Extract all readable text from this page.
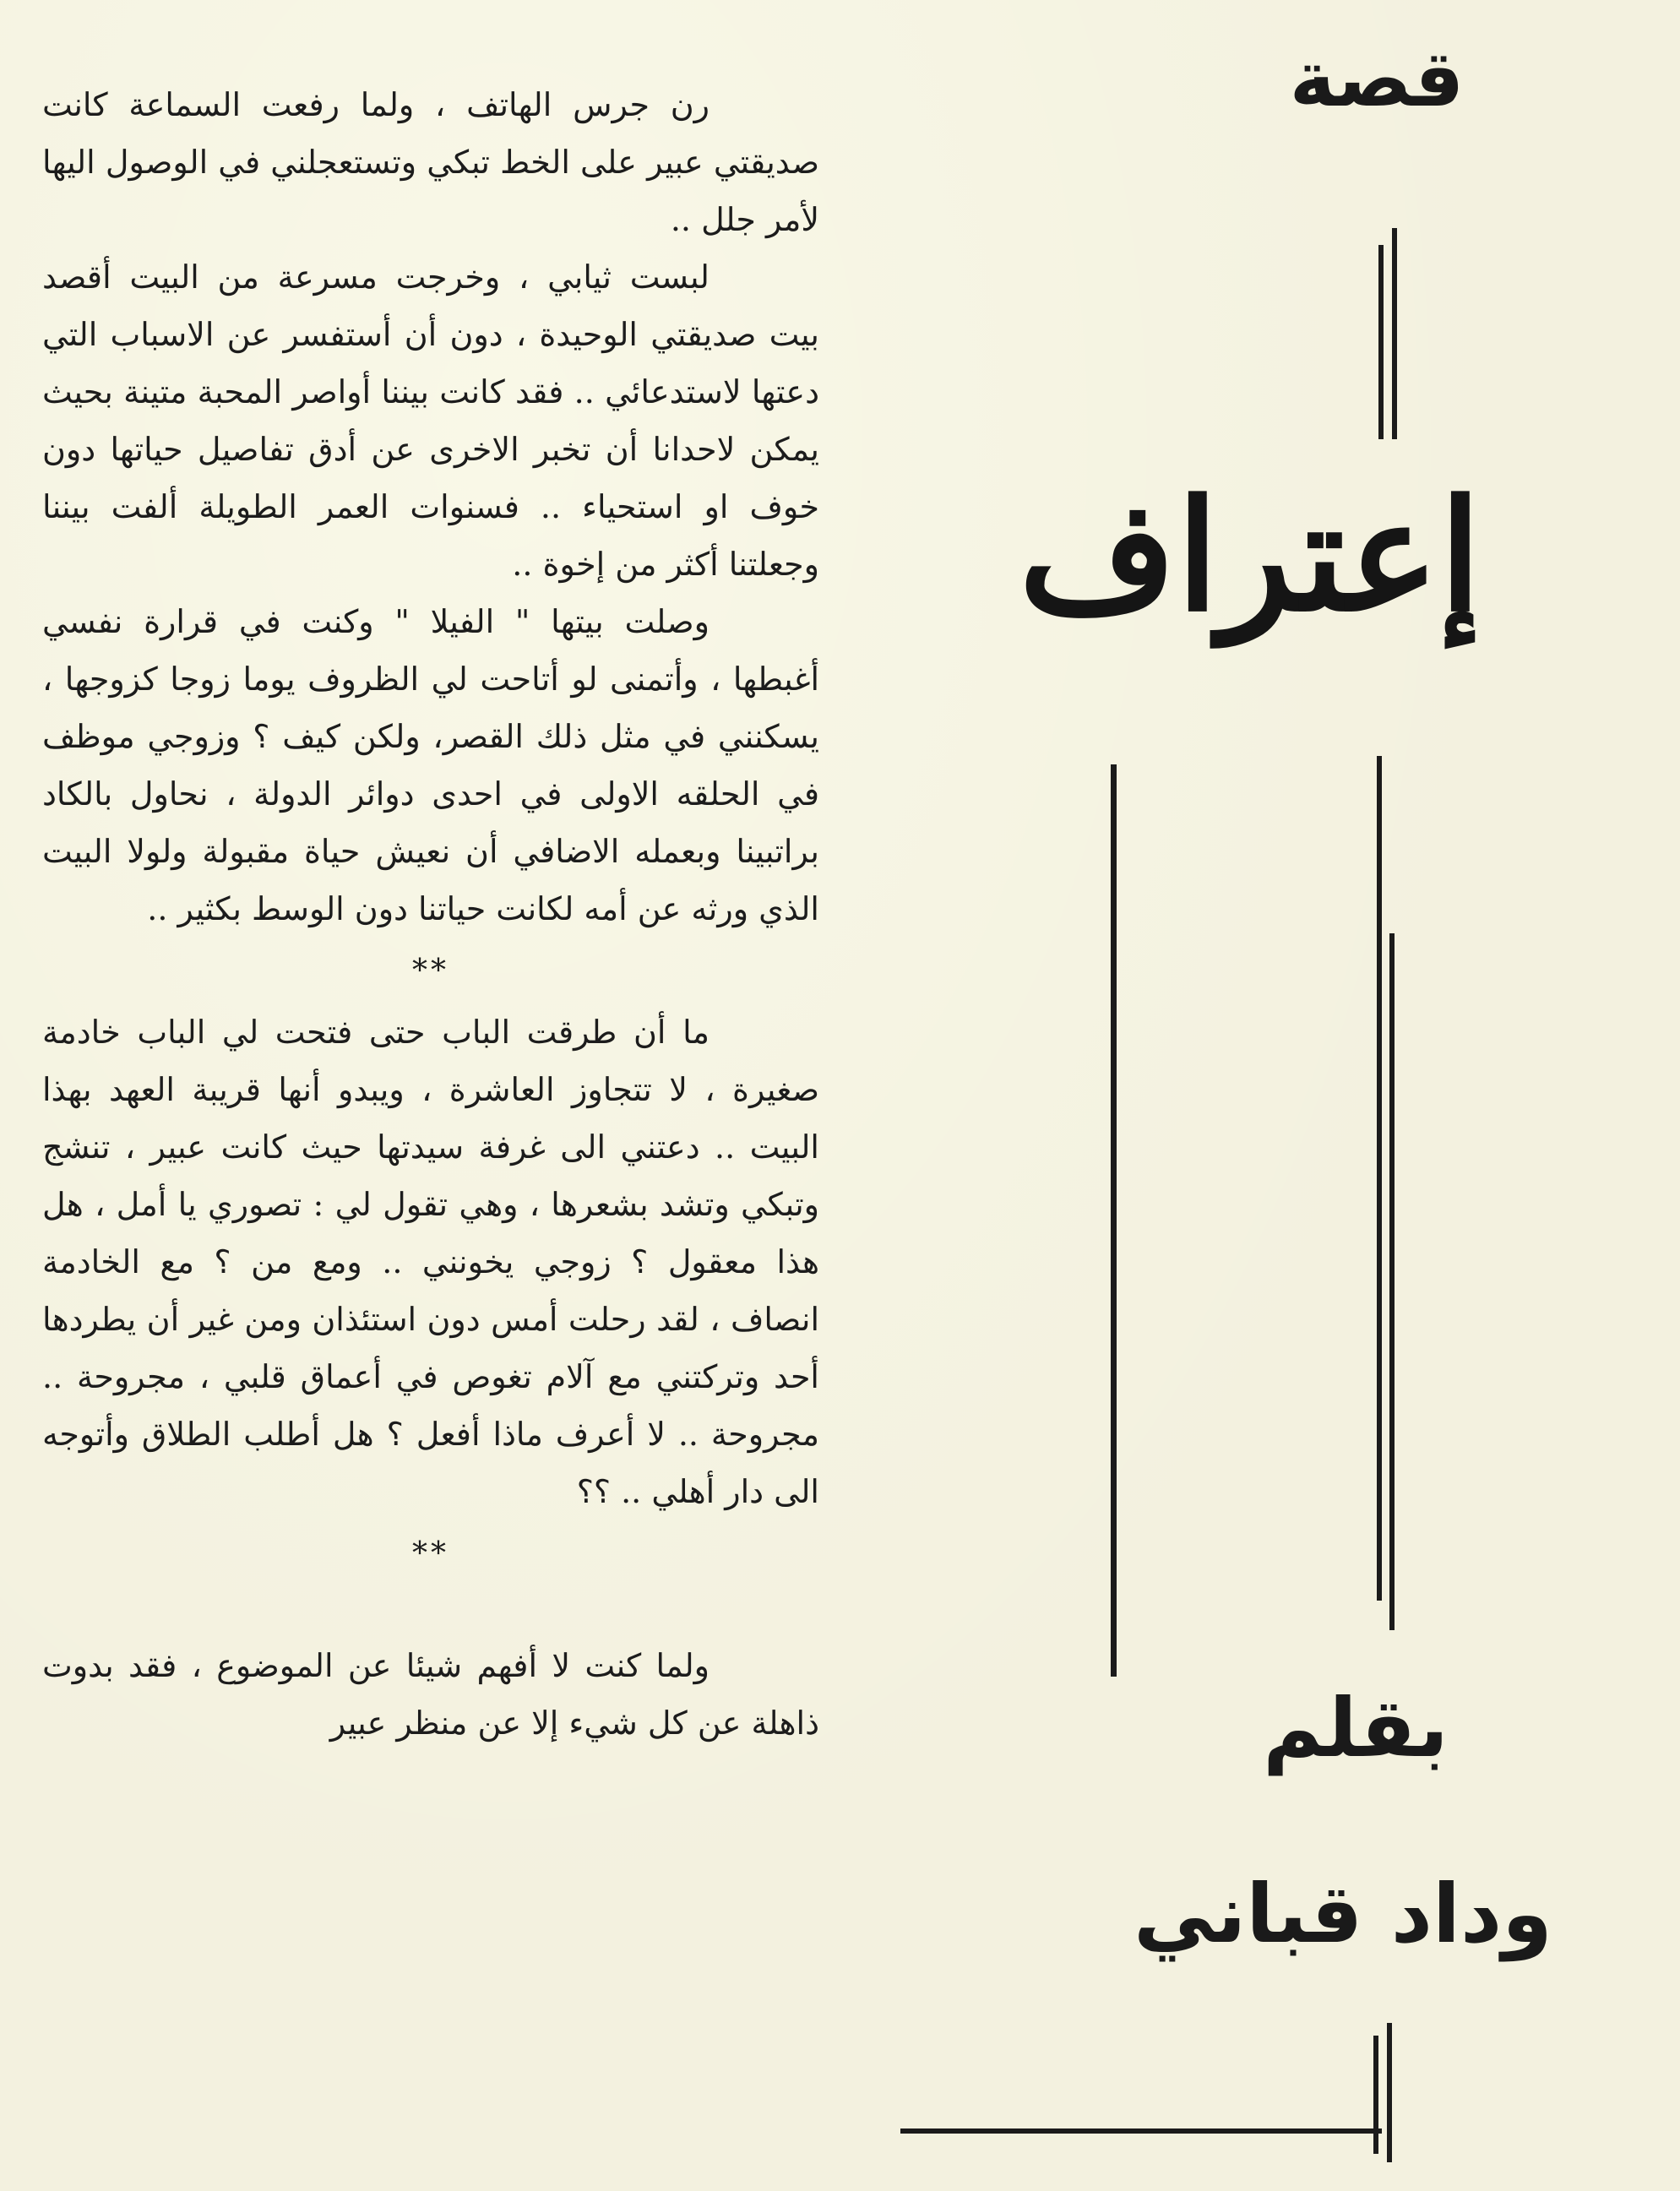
رن جرس الهاتف ، ولما رفعت السماعة كانت صديقتي عبير على الخط تبكي وتستعجلني في الوصول اليها لأمر جلل ..

لبست ثيابي ، وخرجت مسرعة من البيت أقصد بيت صديقتي الوحيدة ، دون أن أستفسر عن الاسباب التي دعتها لاستدعائي .. فقد كانت بيننا أواصر المحبة متينة بحيث يمكن لاحدانا أن تخبر الاخرى عن أدق تفاصيل حياتها دون خوف او استحياء .. فسنوات العمر الطويلة ألفت بيننا وجعلتنا أكثر من إخوة ..

وصلت بيتها " الفيلا " وكنت في قرارة نفسي أغبطها ، وأتمنى لو أتاحت لي الظروف يوما زوجا كزوجها ، يسكنني في مثل ذلك القصر، ولكن كيف ؟ وزوجي موظف في الحلقه الاولى في احدى دوائر الدولة ، نحاول بالكاد براتبينا وبعمله الاضافي أن نعيش حياة مقبولة ولولا البيت الذي ورثه عن أمه لكانت حياتنا دون الوسط بكثير ..

**

ما أن طرقت الباب حتى فتحت لي الباب خادمة صغيرة ، لا تتجاوز العاشرة ، ويبدو أنها قريبة العهد بهذا البيت .. دعتني الى غرفة سيدتها حيث كانت عبير ، تنشج وتبكي وتشد بشعرها ، وهي تقول لي : تصوري يا أمل ، هل هذا معقول ؟ زوجي يخونني .. ومع من ؟ مع الخادمة انصاف ، لقد رحلت أمس دون استئذان ومن غير أن يطردها أحد وتركتني مع آلام تغوص في أعماق قلبي ، مجروحة .. مجروحة .. لا أعرف ماذا أفعل ؟ هل أطلب الطلاق وأتوجه الى دار أهلي .. ؟؟

**

ولما كنت لا أفهم شيئا عن الموضوع ، فقد بدوت ذاهلة عن كل شيء إلا عن منظر عبير

قصة
إعتراف
بقلم
وداد قباني
